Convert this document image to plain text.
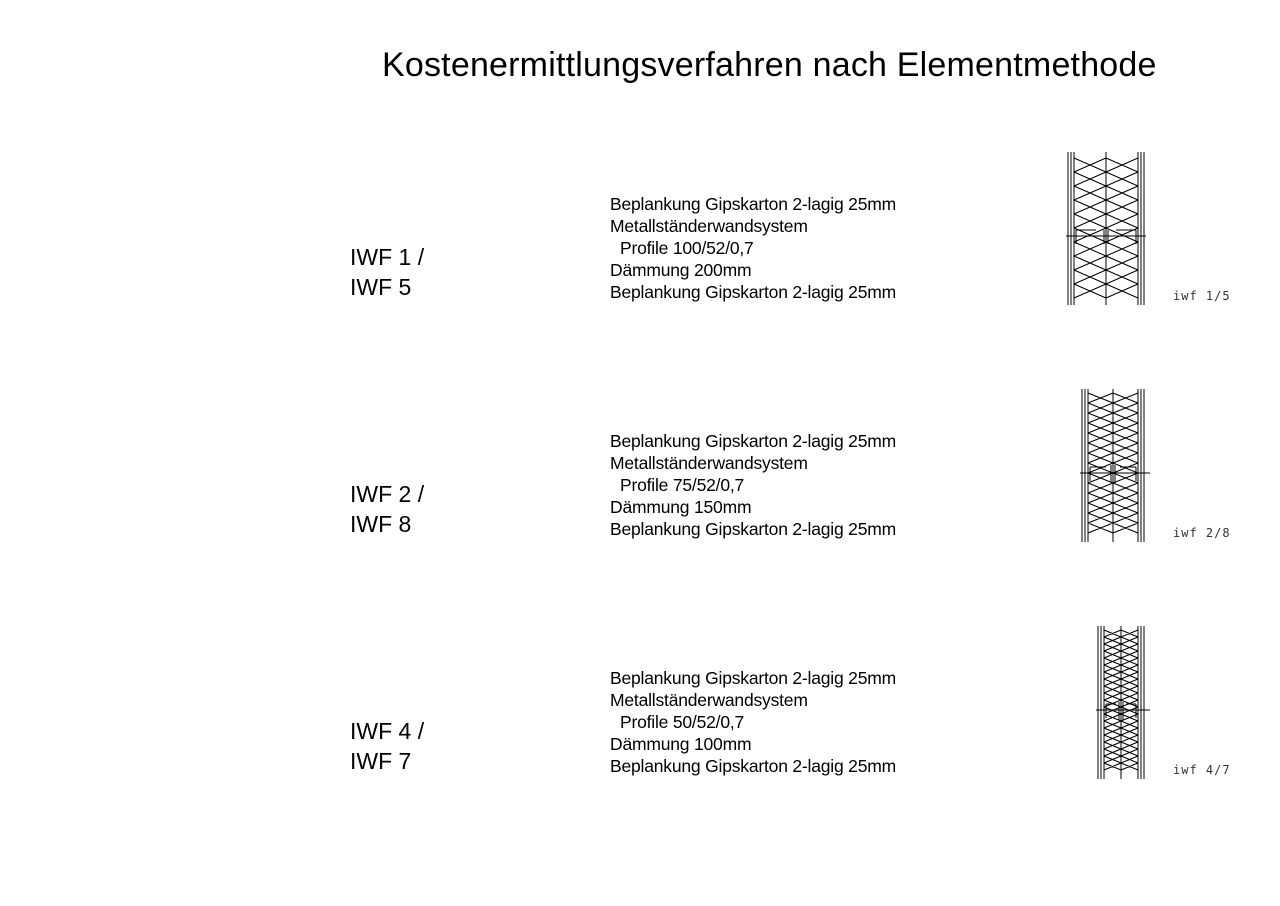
Kostenermittlungsverfahren nach Elementmethode
IWF 1 /
IWF 5
Beplankung Gipskarton 2-lagig 25mm
Metallständerwandsystem
Profile 100/52/0,7
Dämmung 200mm
Beplankung Gipskarton 2-lagig 25mm	iwf 1/5
IWF 2 /
IWF 8
Beplankung Gipskarton 2-lagig 25mm
Metallständerwandsystem
Profile 75/52/0,7
Dämmung 150mm
Beplankung Gipskarton 2-lagig 25mm	iwf 2/8
IWF 4 /
IWF 7
Beplankung Gipskarton 2-lagig 25mm
Metallständerwandsystem
Profile 50/52/0,7
Dämmung 100mm
Beplankung Gipskarton 2-lagig 25mm	iwf 4/7
